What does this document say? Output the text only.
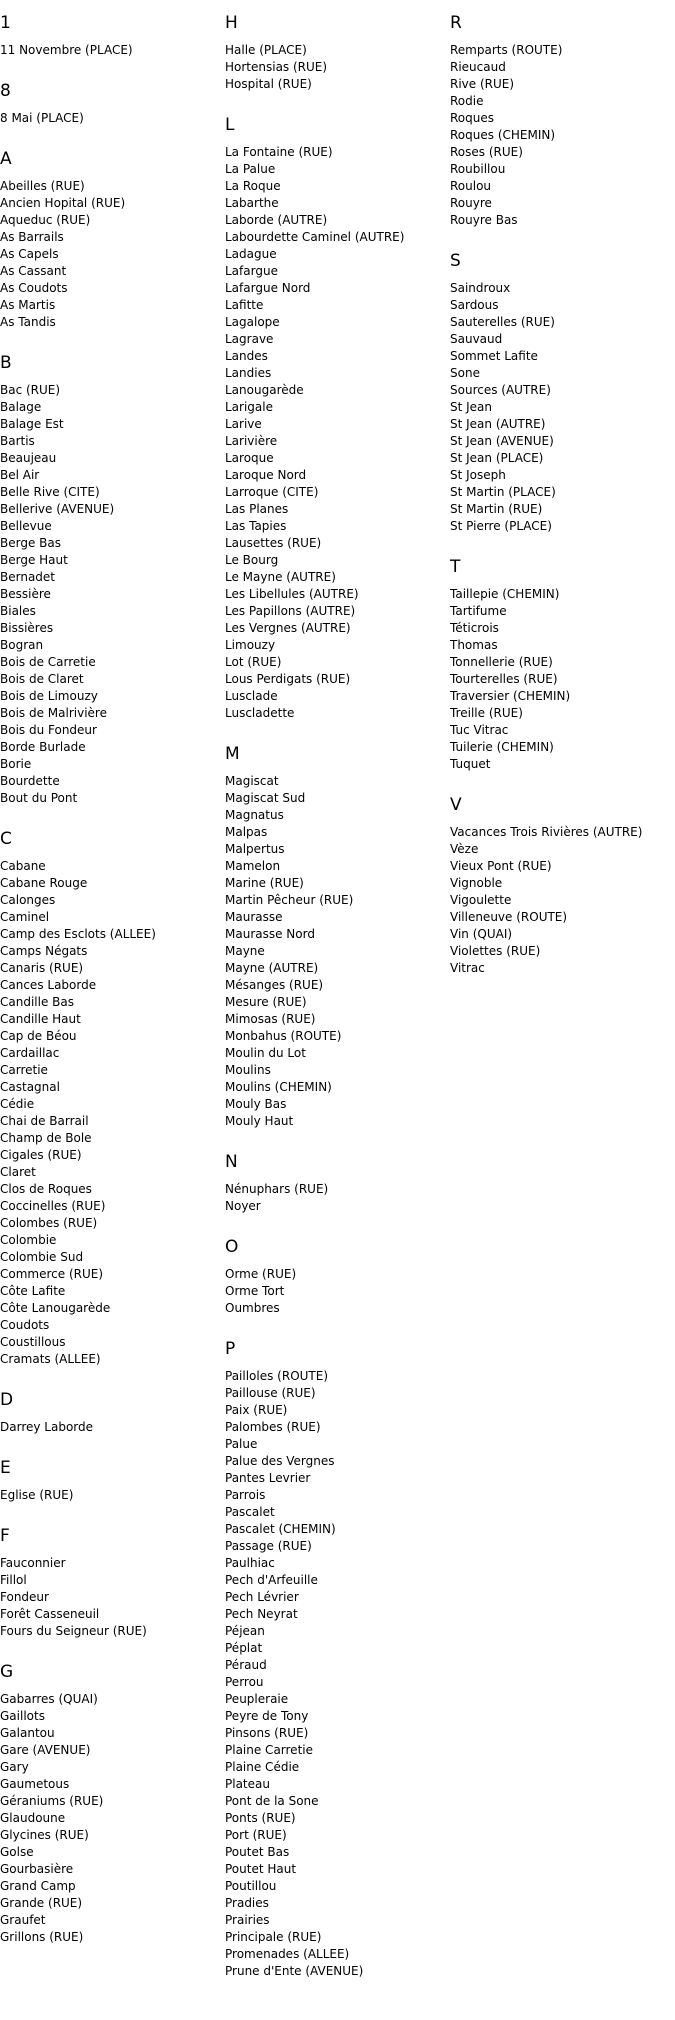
1
11 Novembre (PLACE)
8
8 Mai (PLACE)
A
Abeilles (RUE)
Ancien Hopital (RUE)
Aqueduc (RUE)
As Barrails
As Capels
As Cassant
As Coudots
As Martis
As Tandis
B
Bac (RUE)
Balage
Balage Est
Bartis
Beaujeau
Bel Air
Belle Rive (CITE)
Bellerive (AVENUE)
Bellevue
Berge Bas
Berge Haut
Bernadet
Bessière
Biales
Bissières
Bogran
Bois de Carretie
Bois de Claret
Bois de Limouzy
Bois de Malrivière
Bois du Fondeur
Borde Burlade
Borie
Bourdette
Bout du Pont
C
Cabane
Cabane Rouge
Calonges
Caminel
Camp des Esclots (ALLEE)
Camps Négats
Canaris (RUE)
Cances Laborde
Candille Bas
Candille Haut
Cap de Béou
Cardaillac
Carretie
Castagnal
Cédie
Chai de Barrail
Champ de Bole
Cigales (RUE)
Claret
Clos de Roques
Coccinelles (RUE)
Colombes (RUE)
Colombie
Colombie Sud
Commerce (RUE)
Côte Lafite
Côte Lanougarède
Coudots
Coustillous
Cramats (ALLEE)
D
Darrey Laborde
E
Eglise (RUE)
F
Fauconnier
Fillol
Fondeur
Forêt Casseneuil
Fours du Seigneur (RUE)
G
Gabarres (QUAI)
Gaillots
Galantou
Gare (AVENUE)
Gary
Gaumetous
Géraniums (RUE)
Glaudoune
Glycines (RUE)
Golse
Gourbasière
Grand Camp
Grande (RUE)
Graufet
Grillons (RUE)
H
Halle (PLACE)
Hortensias (RUE)
Hospital (RUE)
L
La Fontaine (RUE)
La Palue
La Roque
Labarthe
Laborde (AUTRE)
Labourdette Caminel (AUTRE)
Ladague
Lafargue
Lafargue Nord
Lafitte
Lagalope
Lagrave
Landes
Landies
Lanougarède
Larigale
Larive
Larivière
Laroque
Laroque Nord
Larroque (CITE)
Las Planes
Las Tapies
Lausettes (RUE)
Le Bourg
Le Mayne (AUTRE)
Les Libellules (AUTRE)
Les Papillons (AUTRE)
Les Vergnes (AUTRE)
Limouzy
Lot (RUE)
Lous Perdigats (RUE)
Lusclade
Luscladette
M
Magiscat
Magiscat Sud
Magnatus
Malpas
Malpertus
Mamelon
Marine (RUE)
Martin Pêcheur (RUE)
Maurasse
Maurasse Nord
Mayne
Mayne (AUTRE)
Mésanges (RUE)
Mesure (RUE)
Mimosas (RUE)
Monbahus (ROUTE)
Moulin du Lot
Moulins
Moulins (CHEMIN)
Mouly Bas
Mouly Haut
N
Nénuphars (RUE)
Noyer
O
Orme (RUE)
Orme Tort
Oumbres
P
Pailloles (ROUTE)
Paillouse (RUE)
Paix (RUE)
Palombes (RUE)
Palue
Palue des Vergnes
Pantes Levrier
Parrois
Pascalet
Pascalet (CHEMIN)
Passage (RUE)
Paulhiac
Pech d'Arfeuille
Pech Lévrier
Pech Neyrat
Péjean
Péplat
Péraud
Perrou
Peupleraie
Peyre de Tony
Pinsons (RUE)
Plaine Carretie
Plaine Cédie
Plateau
Pont de la Sone
Ponts (RUE)
Port (RUE)
Poutet Bas
Poutet Haut
Poutillou
Pradies
Prairies
Principale (RUE)
Promenades (ALLEE)
Prune d'Ente (AVENUE)
R
Remparts (ROUTE)
Rieucaud
Rive (RUE)
Rodie
Roques
Roques (CHEMIN)
Roses (RUE)
Roubillou
Roulou
Rouyre
Rouyre Bas
S
Saindroux
Sardous
Sauterelles (RUE)
Sauvaud
Sommet Lafite
Sone
Sources (AUTRE)
St Jean
St Jean (AUTRE)
St Jean (AVENUE)
St Jean (PLACE)
St Joseph
St Martin (PLACE)
St Martin (RUE)
St Pierre (PLACE)
T
Taillepie (CHEMIN)
Tartifume
Téticrois
Thomas
Tonnellerie (RUE)
Tourterelles (RUE)
Traversier (CHEMIN)
Treille (RUE)
Tuc Vitrac
Tuilerie (CHEMIN)
Tuquet
V
Vacances Trois Rivières (AUTRE)
Vèze
Vieux Pont (RUE)
Vignoble
Vigoulette
Villeneuve (ROUTE)
Vin (QUAI)
Violettes (RUE)
Vitrac
